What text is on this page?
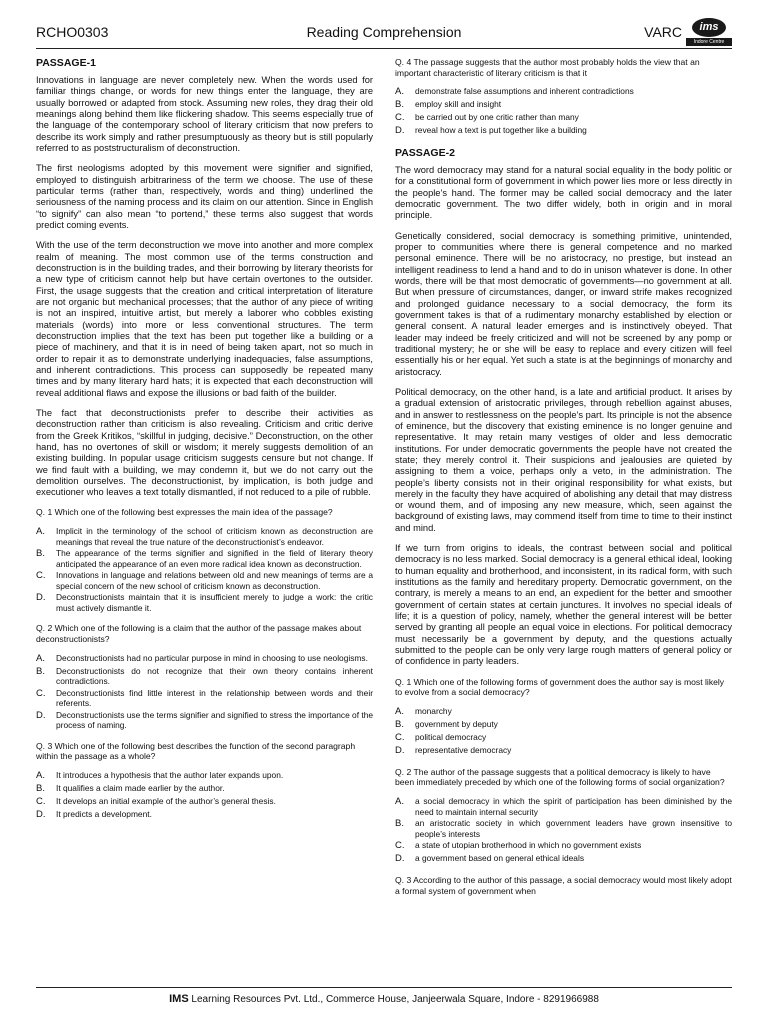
RCHO0303	Reading Comprehension	VARC	ims
Indore Centre
PASSAGE-1

Innovations in language are never completely new. When the words used for familiar things change, or words for new things enter the language, they are usually borrowed or adapted from stock. Assuming new roles, they drag their old meanings along behind them like flickering shadow. This seems especially true of the language of the contemporary school of literary criticism that now prefers to describe its work simply and rather presumptuously as theory but is still popularly referred to as poststructuralism of deconstruction.

The first neologisms adopted by this movement were signifier and signified, employed to distinguish arbitrariness of the term we choose. The use of these particular terms (rather than, respectively, words and thing) underlined the seriousness of the naming process and its claim on our attention. Since in English “to signify” can also mean “to portend,” these terms also suggest that words predict coming events.

With the use of the term deconstruction we move into another and more complex realm of meaning. The most common use of the terms construction and deconstruction is in the building trades, and their borrowing by literary theorists for a new type of criticism cannot help but have certain overtones to the outsider. First, the usage suggests that the creation and critical interpretation of literature are not organic but mechanical processes; that the author of any piece of writing is not an inspired, intuitive artist, but merely a laborer who cobbles existing materials (words) into more or less conventional structures. The term deconstruction implies that the text has been put together like a building or a piece of machinery, and that it is in need of being taken apart, not so much in order to repair it as to demonstrate underlying inadequacies, false assumptions, and inherent contradictions. This process can supposedly be repeated many times and by many literary hard hats; it is expected that each deconstruction will reveal additional flaws and expose the illusions or bad faith of the builder.

The fact that deconstructionists prefer to describe their activities as deconstruction rather than criticism is also revealing. Criticism and critic derive from the Greek Kritikos, “skillful in judging, decisive.” Deconstruction, on the other hand, has no overtones of skill or wisdom; it merely suggests demolition of an existing building. In popular usage criticism suggests censure but not change. If we find fault with a building, we may condemn it, but we do not carry out the demolition ourselves. The deconstructionist, by implication, is both judge and executioner who leaves a text totally dismantled, if not reduced to a pile of rubble.

Q. 1 Which one of the following best expresses the main idea of the passage?
A.	Implicit in the terminology of the school of criticism known as deconstruction are meanings that reveal the true nature of the deconstructionist’s endeavor.
B.	The appearance of the terms signifier and signified in the field of literary theory anticipated the appearance of an even more radical idea known as deconstruction.
C.	Innovations in language and relations between old and new meanings of terms are a special concern of the new school of criticism known as deconstruction.
D.	Deconstructionists maintain that it is insufficient merely to judge a work: the critic must actively dismantle it.
Q. 2 Which one of the following is a claim that the author of the passage makes about deconstructionists?
A.	Deconstructionists had no particular purpose in mind in choosing to use neologisms.
B.	Deconstructionists do not recognize that their own theory contains inherent contradictions.
C.	Deconstructionists find little interest in the relationship between words and their referents.
D.	Deconstructionists use the terms signifier and signified to stress the importance of the process of naming.
Q. 3 Which one of the following best describes the function of the second paragraph within the passage as a whole?
A.	It introduces a hypothesis that the author later expands upon.
B.	It qualifies a claim made earlier by the author.
C.	It develops an initial example of the author’s general thesis.
D.	It predicts a development.
Q. 4 The passage suggests that the author most probably holds the view that an important characteristic of literary criticism is that it
A.	demonstrate false assumptions and inherent contradictions
B.	employ skill and insight
C.	be carried out by one critic rather than many
D.	reveal how a text is put together like a building
PASSAGE-2

The word democracy may stand for a natural social equality in the body politic or for a constitutional form of government in which power lies more or less directly in the people’s hand. The former may be called social democracy and the later democratic government. The two differ widely, both in origin and in moral principle.

Genetically considered, social democracy is something primitive, unintended, proper to communities where there is general competence and no marked personal eminence. There will be no aristocracy, no prestige, but instead an intelligent readiness to lend a hand and to do in unison whatever is done. In other words, there will be that most democratic of governments—no government at all. But when pressure of circumstances, danger, or inward strife makes recognized and prolonged guidance necessary to a social democracy, the form its government takes is that of a rudimentary monarchy established by election or general consent. A natural leader emerges and is instinctively obeyed. That leader may indeed be freely criticized and will not be screened by any pomp or traditional mystery; he or she will be easy to replace and every citizen will feel essentially his or her equal. Yet such a state is at the beginnings of monarchy and aristocracy.

Political democracy, on the other hand, is a late and artificial product. It arises by a gradual extension of aristocratic privileges, through rebellion against abuses, and in answer to restlessness on the people’s part. Its principle is not the absence of eminence, but the discovery that existing eminence is no longer genuine and representative. It may retain many vestiges of older and less democratic institutions. For under democratic governments the people have not created the state; they merely control it. Their suspicions and jealousies are quieted by assigning to them a voice, perhaps only a veto, in the administration. The people’s liberty consists not in their original responsibility for what exists, but merely in the faculty they have acquired of abolishing any detail that may distress or wound them, and of imposing any new measure, which, seen against the background of existing laws, may commend itself from time to time to their instinct and mind.

If we turn from origins to ideals, the contrast between social and political democracy is no less marked. Social democracy is a general ethical ideal, looking to human equality and brotherhood, and inconsistent, in its radical form, with such institutions as the family and hereditary property. Democratic government, on the contrary, is merely a means to an end, an expedient for the better and smoother government of certain states at certain junctures. It involves no special ideals of life; it is a question of policy, namely, whether the general interest will be better served by granting all people an equal voice in elections. For political democracy must necessarily be a government by deputy, and the questions actually submitted to the people can be only very large rough matters of general policy or of confidence in party leaders.

Q. 1 Which one of the following forms of government does the author say is most likely to evolve from a social democracy?
A.	monarchy
B.	government by deputy
C.	political democracy
D.	representative democracy
Q. 2 The author of the passage suggests that a political democracy is likely to have been immediately preceded by which one of the following forms of social organization?
A.	a social democracy in which the spirit of participation has been diminished by the need to maintain internal security
B.	an aristocratic society in which government leaders have grown insensitive to people’s interests
C.	a state of utopian brotherhood in which no government exists
D.	a government based on general ethical ideals
Q. 3 According to the author of this passage, a social democracy would most likely adopt a formal system of government when
IMS Learning Resources Pvt. Ltd., Commerce House, Janjeerwala Square, Indore - 8291966988
